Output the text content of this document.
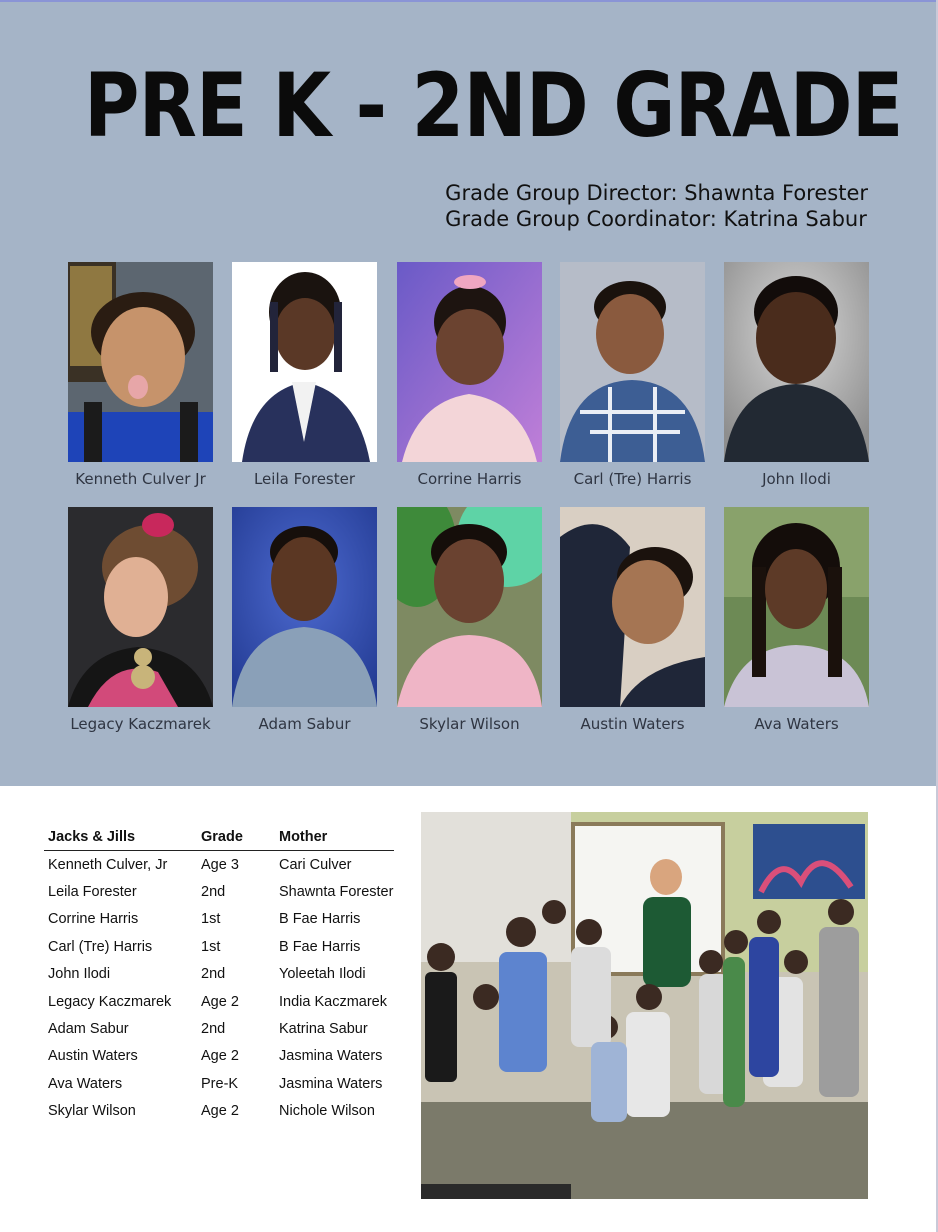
PRE K - 2ND GRADE
Grade Group Director: Shawnta Forester
Grade Group Coordinator: Katrina Sabur
Kenneth Culver Jr	Leila Forester	Corrine Harris	Carl (Tre) Harris	John Ilodi
Legacy Kaczmarek	Adam Sabur	Skylar Wilson	Austin Waters	Ava Waters
Jacks & Jills	Grade	Mother
Kenneth Culver, Jr	Age 3	Cari Culver
Leila Forester	2nd	Shawnta Forester
Corrine Harris	1st	B Fae Harris
Carl (Tre) Harris	1st	B Fae Harris
John Ilodi	2nd	Yoleetah Ilodi
Legacy Kaczmarek	Age 2	India Kaczmarek
Adam Sabur	2nd	Katrina Sabur
Austin Waters	Age 2	Jasmina Waters
Ava Waters	Pre-K	Jasmina Waters
Skylar Wilson	Age 2	Nichole Wilson
